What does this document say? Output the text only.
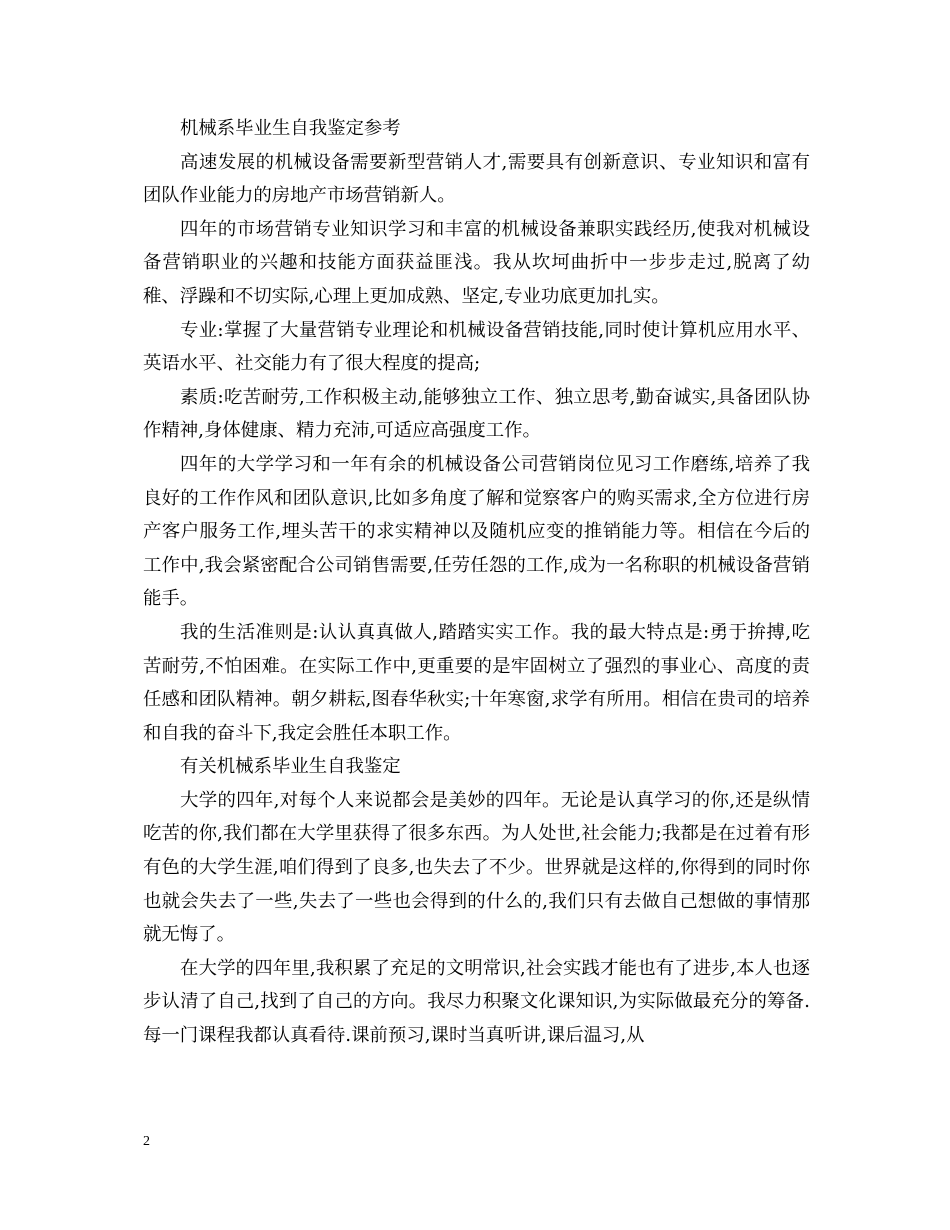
机械系毕业生自我鉴定参考

高速发展的机械设备需要新型营销人才,需要具有创新意识、专业知识和富有团队作业能力的房地产市场营销新人。

四年的市场营销专业知识学习和丰富的机械设备兼职实践经历,使我对机械设备营销职业的兴趣和技能方面获益匪浅。我从坎坷曲折中一步步走过,脱离了幼稚、浮躁和不切实际,心理上更加成熟、坚定,专业功底更加扎实。

专业:掌握了大量营销专业理论和机械设备营销技能,同时使计算机应用水平、英语水平、社交能力有了很大程度的提高;

素质:吃苦耐劳,工作积极主动,能够独立工作、独立思考,勤奋诚实,具备团队协作精神,身体健康、精力充沛,可适应高强度工作。

四年的大学学习和一年有余的机械设备公司营销岗位见习工作磨练,培养了我良好的工作作风和团队意识,比如多角度了解和觉察客户的购买需求,全方位进行房产客户服务工作,埋头苦干的求实精神以及随机应变的推销能力等。相信在今后的工作中,我会紧密配合公司销售需要,任劳任怨的工作,成为一名称职的机械设备营销能手。

我的生活准则是:认认真真做人,踏踏实实工作。我的最大特点是:勇于拚搏,吃苦耐劳,不怕困难。在实际工作中,更重要的是牢固树立了强烈的事业心、高度的责任感和团队精神。朝夕耕耘,图春华秋实;十年寒窗,求学有所用。相信在贵司的培养和自我的奋斗下,我定会胜任本职工作。

有关机械系毕业生自我鉴定

大学的四年,对每个人来说都会是美妙的四年。无论是认真学习的你,还是纵情吃苦的你,我们都在大学里获得了很多东西。为人处世,社会能力;我都是在过着有形有色的大学生涯,咱们得到了良多,也失去了不少。世界就是这样的,你得到的同时你也就会失去了一些,失去了一些也会得到的什么的,我们只有去做自己想做的事情那就无悔了。

在大学的四年里,我积累了充足的文明常识,社会实践才能也有了进步,本人也逐步认清了自己,找到了自己的方向。我尽力积聚文化课知识,为实际做最充分的筹备.每一门课程我都认真看待.课前预习,课时当真听讲,课后温习,从

2
